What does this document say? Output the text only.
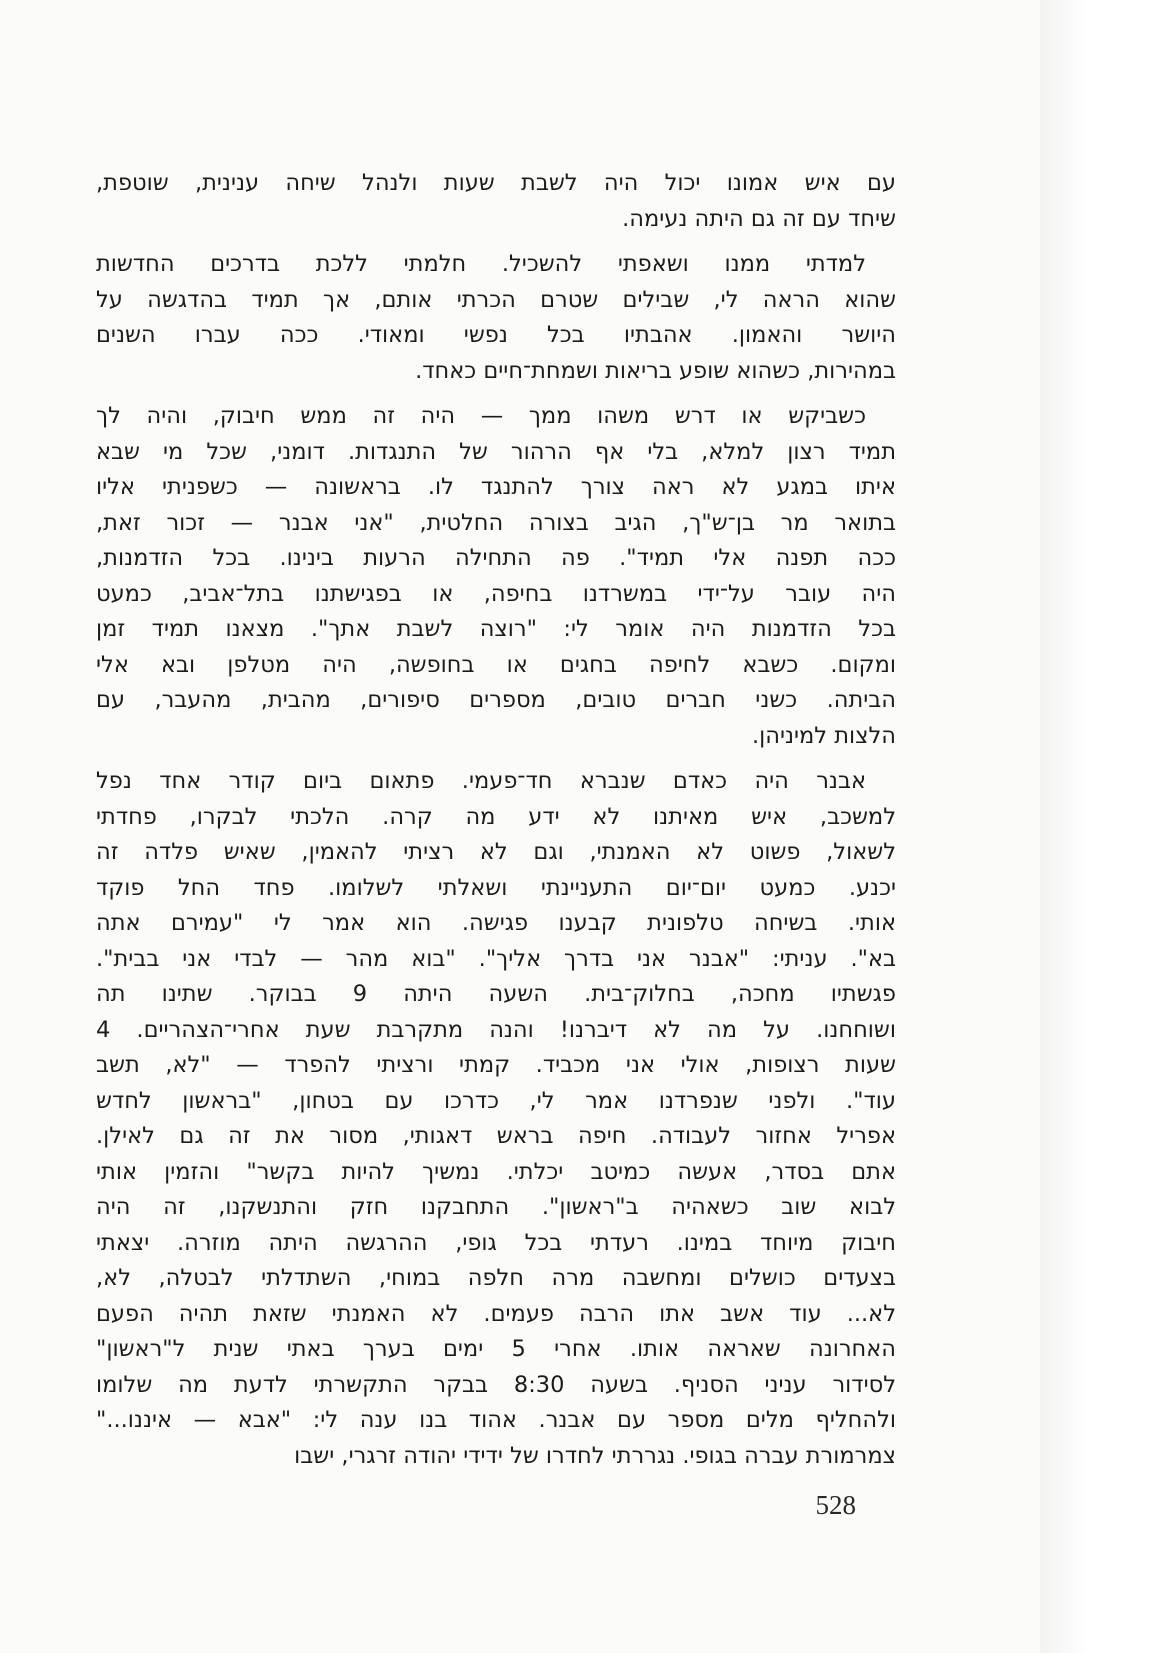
עם איש אמונו יכול היה לשבת שעות ולנהל שיחה ענינית, שוטפת,
שיחד עם זה גם היתה נעימה.
למדתי ממנו ושאפתי להשכיל. חלמתי ללכת בדרכים החדשות
שהוא הראה לי, שבילים שטרם הכרתי אותם, אך תמיד בהדגשה על
היושר והאמון. אהבתיו בכל נפשי ומאודי. ככה עברו השנים
במהירות, כשהוא שופע בריאות ושמחת־חיים כאחד.
כשביקש או דרש משהו ממך — היה זה ממש חיבוק, והיה לך
תמיד רצון למלא, בלי אף הרהור של התנגדות. דומני, שכל מי שבא
איתו במגע לא ראה צורך להתנגד לו. בראשונה — כשפניתי אליו
בתואר מר בן־ש"ך, הגיב בצורה החלטית, "אני אבנר — זכור זאת,
ככה תפנה אלי תמיד". פה התחילה הרעות בינינו. בכל הזדמנות,
היה עובר על־ידי במשרדנו בחיפה, או בפגישתנו בתל־אביב, כמעט
בכל הזדמנות היה אומר לי: "רוצה לשבת אתך". מצאנו תמיד זמן
ומקום. כשבא לחיפה בחגים או בחופשה, היה מטלפן ובא אלי
הביתה. כשני חברים טובים, מספרים סיפורים, מהבית, מהעבר, עם
הלצות למיניהן.
אבנר היה כאדם שנברא חד־פעמי. פתאום ביום קודר אחד נפל
למשכב, איש מאיתנו לא ידע מה קרה. הלכתי לבקרו, פחדתי
לשאול, פשוט לא האמנתי, וגם לא רציתי להאמין, שאיש פלדה זה
יכנע. כמעט יום־יום התעניינתי ושאלתי לשלומו. פחד החל פוקד
אותי. בשיחה טלפונית קבענו פגישה. הוא אמר לי "עמירם אתה
בא". עניתי: "אבנר אני בדרך אליך". "בוא מהר — לבדי אני בבית".
פגשתיו מחכה, בחלוק־בית. השעה היתה 9 בבוקר. שתינו תה
ושוחחנו. על מה לא דיברנו! והנה מתקרבת שעת אחרי־הצהריים. 4
שעות רצופות, אולי אני מכביד. קמתי ורציתי להפרד — "לא, תשב
עוד". ולפני שנפרדנו אמר לי, כדרכו עם בטחון, "בראשון לחדש
אפריל אחזור לעבודה. חיפה בראש דאגותי, מסור את זה גם לאילן.
אתם בסדר, אעשה כמיטב יכלתי. נמשיך להיות בקשר" והזמין אותי
לבוא שוב כשאהיה ב"ראשון". התחבקנו חזק והתנשקנו, זה היה
חיבוק מיוחד במינו. רעדתי בכל גופי, ההרגשה היתה מוזרה. יצאתי
בצעדים כושלים ומחשבה מרה חלפה במוחי, השתדלתי לבטלה, לא,
לא... עוד אשב אתו הרבה פעמים. לא האמנתי שזאת תהיה הפעם
האחרונה שאראה אותו. אחרי 5 ימים בערך באתי שנית ל"ראשון"
לסידור עניני הסניף. בשעה 8:30 בבקר התקשרתי לדעת מה שלומו
ולהחליף מלים מספר עם אבנר. אהוד בנו ענה לי: "אבא — איננו..."
צמרמורת עברה בגופי. נגררתי לחדרו של ידידי יהודה זרגרי, ישבו
528
